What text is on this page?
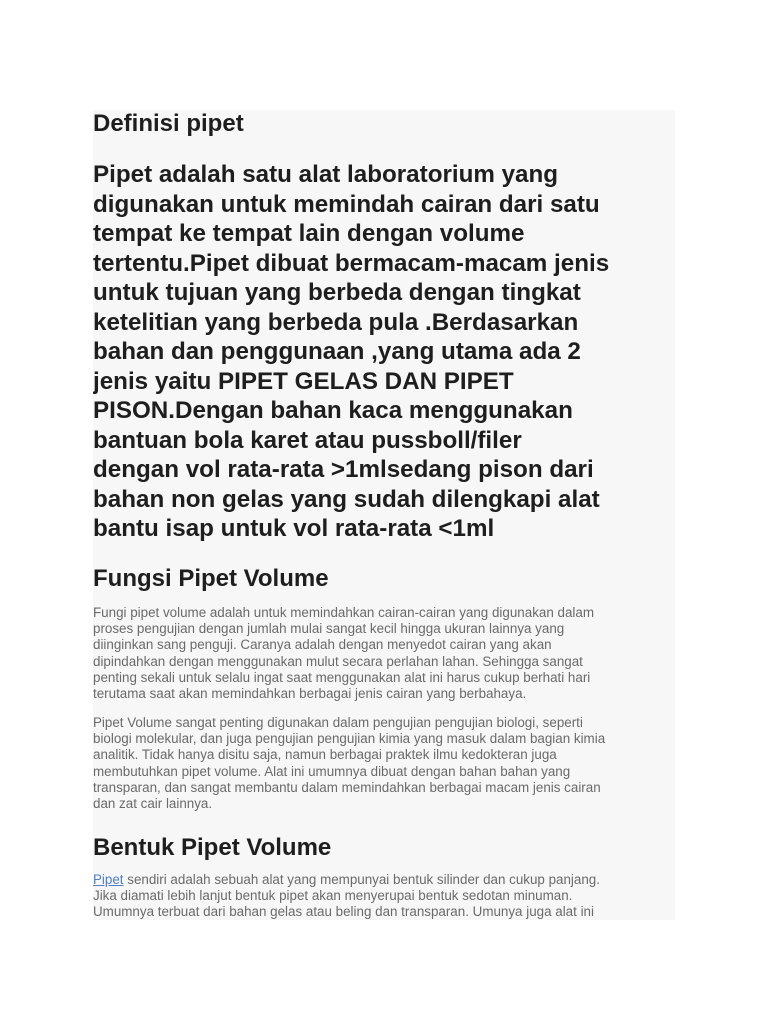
Definisi pipet

Pipet adalah satu alat laboratorium yang
digunakan untuk memindah cairan dari satu
tempat ke tempat lain dengan volume
tertentu.Pipet dibuat bermacam-macam jenis
untuk tujuan yang berbeda dengan tingkat
ketelitian yang berbeda pula .Berdasarkan
bahan dan penggunaan ,yang utama ada 2
jenis yaitu PIPET GELAS DAN PIPET
PISON.Dengan bahan kaca menggunakan
bantuan bola karet atau pussboll/filer
dengan vol rata-rata >1mlsedang pison dari
bahan non gelas yang sudah dilengkapi alat
bantu isap untuk vol rata-rata <1ml

Fungsi Pipet Volume

Fungi pipet volume adalah untuk memindahkan cairan-cairan yang digunakan dalam
proses pengujian dengan jumlah mulai sangat kecil hingga ukuran lainnya yang
diinginkan sang penguji. Caranya adalah dengan menyedot cairan yang akan
dipindahkan dengan menggunakan mulut secara perlahan lahan. Sehingga sangat
penting sekali untuk selalu ingat saat menggunakan alat ini harus cukup berhati hari
terutama saat akan memindahkan berbagai jenis cairan yang berbahaya.

Pipet Volume sangat penting digunakan dalam pengujian pengujian biologi, seperti
biologi molekular, dan juga pengujian pengujian kimia yang masuk dalam bagian kimia
analitik. Tidak hanya disitu saja, namun berbagai praktek ilmu kedokteran juga
membutuhkan pipet volume. Alat ini umumnya dibuat dengan bahan bahan yang
transparan, dan sangat membantu dalam memindahkan berbagai macam jenis cairan
dan zat cair lainnya.

Bentuk Pipet Volume

Pipet sendiri adalah sebuah alat yang mempunyai bentuk silinder dan cukup panjang.
Jika diamati lebih lanjut bentuk pipet akan menyerupai bentuk sedotan minuman.
Umumnya terbuat dari bahan gelas atau beling dan transparan. Umunya juga alat ini
